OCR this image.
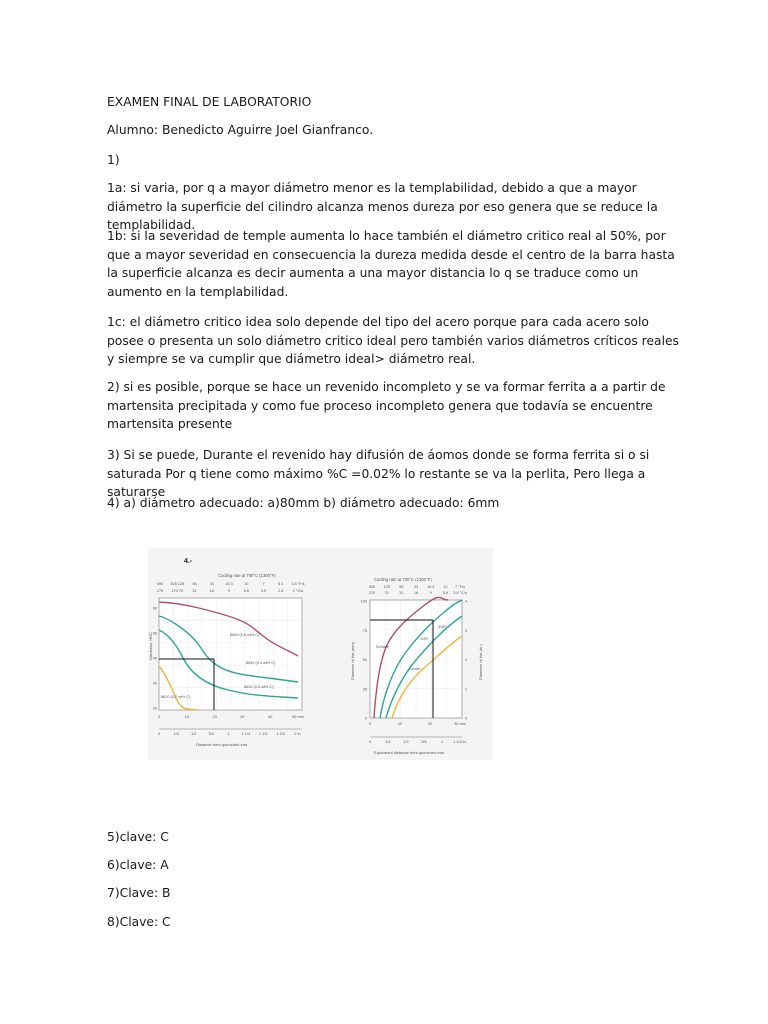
EXAMEN FINAL DE LABORATORIO

Alumno: Benedicto Aguirre Joel Gianfranco.

1)

1a: si varia, por q a mayor diámetro menor es la templabilidad, debido a que a mayor diámetro la superficie del cilindro alcanza menos dureza por eso genera que se reduce la templabilidad.

1b: si la severidad de temple aumenta lo hace también el diámetro critico real al 50%, por que a mayor severidad en consecuencia la dureza medida desde el centro de la barra hasta la superficie alcanza es decir aumenta a una mayor distancia lo q se traduce como un aumento en la templabilidad.

1c: el diámetro critico idea solo depende del tipo del acero porque para cada acero solo posee o presenta un solo diámetro critico ideal pero también varios diámetros críticos reales y siempre se va cumplir que diámetro ideal> diámetro real.

2) si es posible, porque se hace un revenido incompleto y se va formar ferrita a a partir de martensita precipitada y como fue proceso incompleto genera que todavía se encuentre martensita presente

3) Si se puede, Durante el revenido hay difusión de áomos donde se forma ferrita si o si saturada Por q tiene como máximo %C =0.02% lo restante se va la perlita, Pero llega a saturarse

4) a) diámetro adecuado: a)80mm b) diámetro adecuado: 6mm

5)clave: C

6)clave: A

7)Clave: B

8)Clave: C

4.-
Cooling rate at 700°C (1300°F)
490 305 125 56	33	16.3	10	7	5.1 3.5 °F/s
270 170 70 31	18	9	5.6	3.9	2.8 2 °C/s
8660 (0.6 wt% C)
8640 (0.4 wt% C)
8630 (0.3 wt% C)
8620 (0.2 wt% C)
Hardness, HRC
60
50
40
30
20
0	10	20	30	40	50 mm
0	1/4	1/2	3/4	1	1 1/4 1 1/2 1 3/4	2 in.
Distance from quenched end
Cooling rate at 700°C (1300°F)
305 125 56	33 16.3 10 7 °F/s
270 70	31	18	9	5.6 3.9 °C/s
Surface
Center
3/4R
1/2R
Diameter of bar (mm)	Diameter of bar (in.)
100
75
50
25
0
4
3
2
1
0
0	10	20	30 mm
0	1/4	1/2	3/4	1	1 1/4 in.
Equivalent distance from quenched end
